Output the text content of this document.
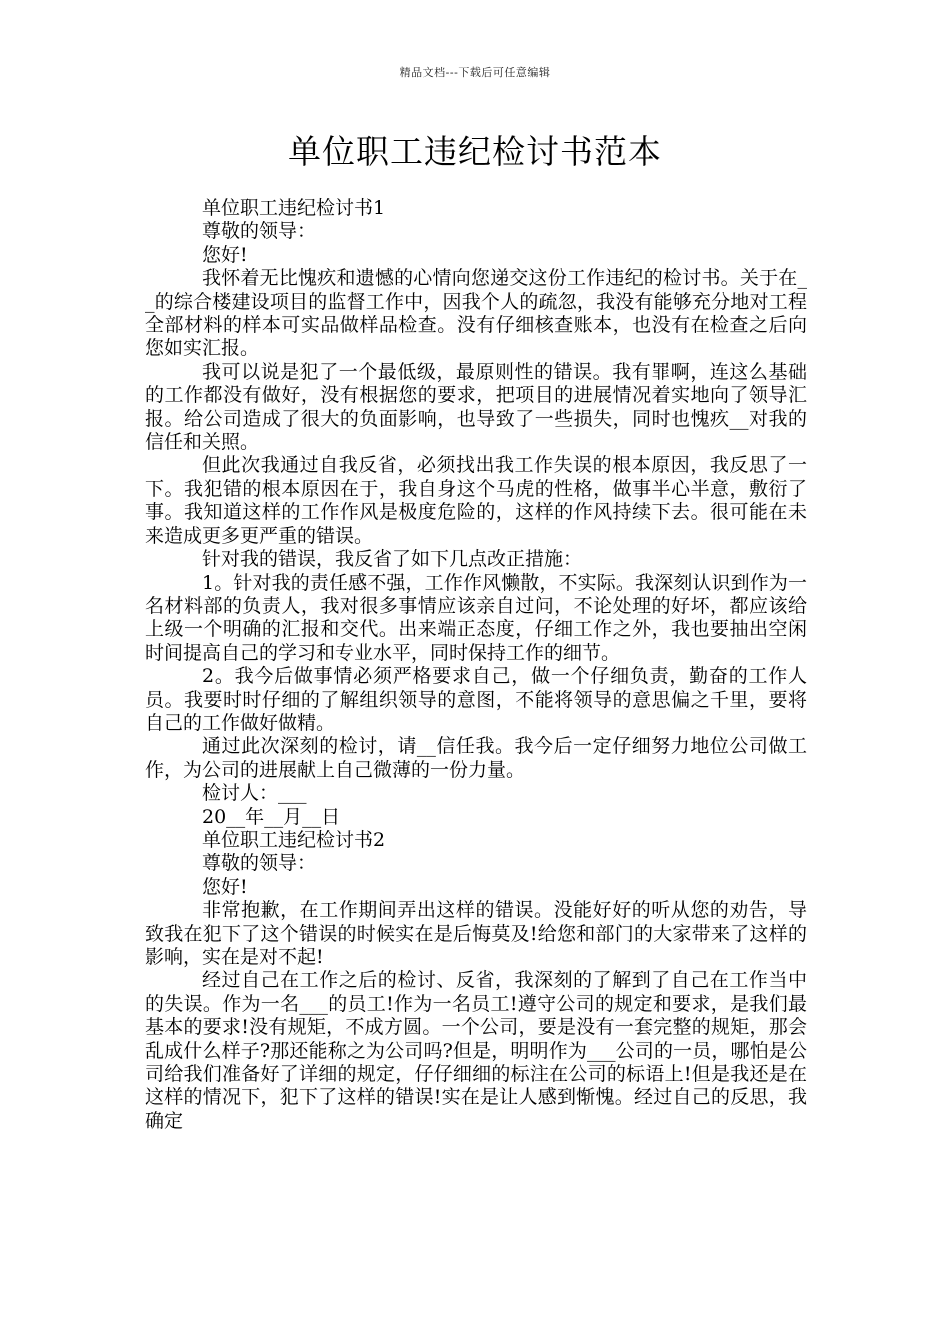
精品文档---下载后可任意编辑
单位职工违纪检讨书范本

单位职工违纪检讨书1

尊敬的领导：

您好!

我怀着无比愧疚和遗憾的心情向您递交这份工作违纪的检讨书。关于在__的综合楼建设项目的监督工作中，因我个人的疏忽，我没有能够充分地对工程全部材料的样本可实品做样品检查。没有仔细核查账本，也没有在检查之后向您如实汇报。

我可以说是犯了一个最低级，最原则性的错误。我有罪啊，连这么基础的工作都没有做好，没有根据您的要求，把项目的进展情况着实地向了领导汇报。给公司造成了很大的负面影响，也导致了一些损失，同时也愧疚__对我的信任和关照。

但此次我通过自我反省，必须找出我工作失误的根本原因，我反思了一下。我犯错的根本原因在于，我自身这个马虎的性格，做事半心半意，敷衍了事。我知道这样的工作作风是极度危险的，这样的作风持续下去。很可能在未来造成更多更严重的错误。

针对我的错误，我反省了如下几点改正措施：

1。针对我的责任感不强，工作作风懒散，不实际。我深刻认识到作为一名材料部的负责人，我对很多事情应该亲自过问，不论处理的好坏，都应该给上级一个明确的汇报和交代。出来端正态度，仔细工作之外，我也要抽出空闲时间提高自己的学习和专业水平，同时保持工作的细节。

2。我今后做事情必须严格要求自己，做一个仔细负责，勤奋的工作人员。我要时时仔细的了解组织领导的意图，不能将领导的意思偏之千里，要将自己的工作做好做精。

通过此次深刻的检讨，请__信任我。我今后一定仔细努力地位公司做工作，为公司的进展献上自己微薄的一份力量。

检讨人：___

20__年__月__日

单位职工违纪检讨书2

尊敬的领导：

您好!

非常抱歉，在工作期间弄出这样的错误。没能好好的听从您的劝告，导致我在犯下了这个错误的时候实在是后悔莫及!给您和部门的大家带来了这样的影响，实在是对不起!

经过自己在工作之后的检讨、反省，我深刻的了解到了自己在工作当中的失误。作为一名___的员工!作为一名员工!遵守公司的规定和要求，是我们最基本的要求!没有规矩，不成方圆。一个公司，要是没有一套完整的规矩，那会乱成什么样子?那还能称之为公司吗?但是，明明作为___公司的一员，哪怕是公司给我们准备好了详细的规定，仔仔细细的标注在公司的标语上!但是我还是在这样的情况下，犯下了这样的错误!实在是让人感到惭愧。经过自己的反思，我确定
